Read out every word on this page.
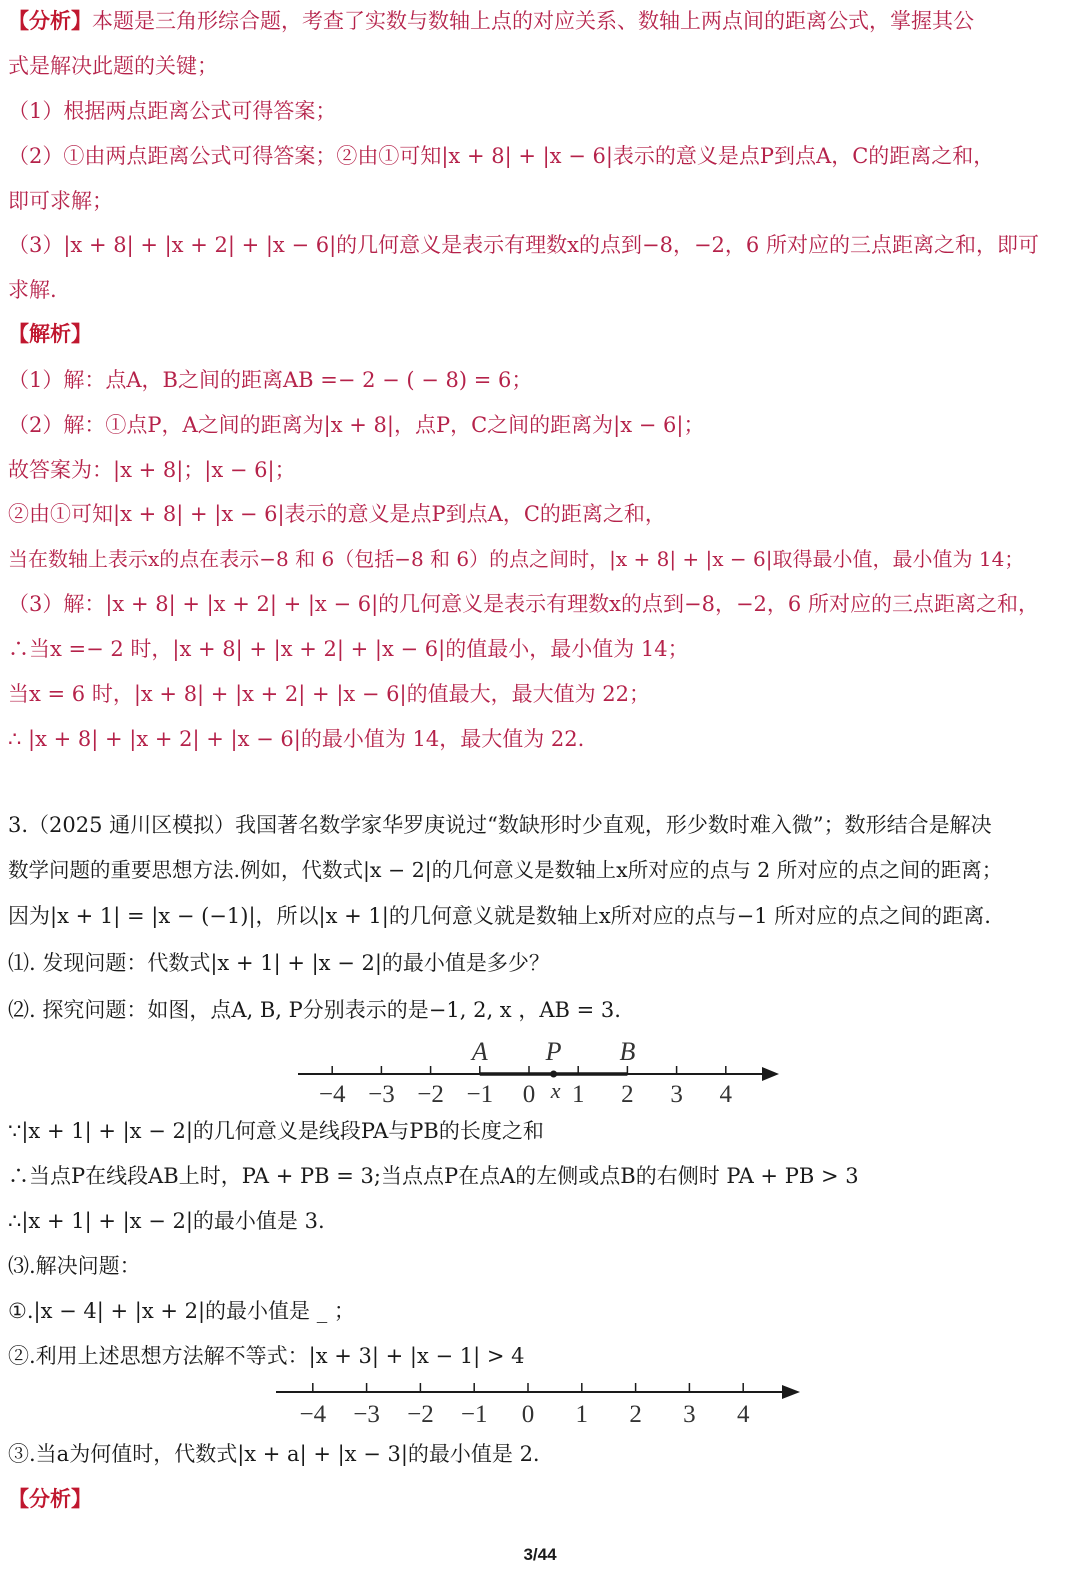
【分析】本题是三角形综合题，考查了实数与数轴上点的对应关系、数轴上两点间的距离公式，掌握其公
式是解决此题的关键；
（1）根据两点距离公式可得答案；
（2）①由两点距离公式可得答案；②由①可知|x + 8| + |x − 6|表示的意义是点P到点A，C的距离之和，
即可求解；
（3）|x + 8| + |x + 2| + |x − 6|的几何意义是表示有理数x的点到−8，−2，6 所对应的三点距离之和，即可
求解.
【解析】
（1）解：点A，B之间的距离AB =− 2 − ( − 8) = 6；
（2）解：①点P，A之间的距离为|x + 8|，点P，C之间的距离为|x − 6|；
故答案为：|x + 8|；|x − 6|；
②由①可知|x + 8| + |x − 6|表示的意义是点P到点A，C的距离之和，
当在数轴上表示x的点在表示−8 和 6（包括−8 和 6）的点之间时，|x + 8| + |x − 6|取得最小值，最小值为 14；
（3）解：|x + 8| + |x + 2| + |x − 6|的几何意义是表示有理数x的点到−8，−2，6 所对应的三点距离之和，
∴当x =− 2 时，|x + 8| + |x + 2| + |x − 6|的值最小，最小值为 14；
当x = 6 时，|x + 8| + |x + 2| + |x − 6|的值最大，最大值为 22；
∴ |x + 8| + |x + 2| + |x − 6|的最小值为 14，最大值为 22.
3.（2025 通川区模拟）我国著名数学家华罗庚说过“数缺形时少直观，形少数时难入微”；数形结合是解决
数学问题的重要思想方法.例如，代数式|x − 2|的几何意义是数轴上x所对应的点与 2 所对应的点之间的距离；
因为|x + 1| = |x − (−1)|，所以|x + 1|的几何意义就是数轴上x所对应的点与−1 所对应的点之间的距离.
⑴. 发现问题：代数式|x + 1| + |x − 2|的最小值是多少？
⑵. 探究问题：如图，点A, B, P分别表示的是−1, 2, x ，AB = 3.
−4 −3 −2 −1 0 1 2 3 4
A P B
x
∵|x + 1| + |x − 2|的几何意义是线段PA与PB的长度之和
∴当点P在线段AB上时，PA + PB = 3;当点点P在点A的左侧或点B的右侧时 PA + PB > 3
∴|x + 1| + |x − 2|的最小值是 3.
⑶.解决问题：
①.|x − 4| + |x + 2|的最小值是 _ ；
②.利用上述思想方法解不等式：|x + 3| + |x − 1| > 4
−4 −3 −2 −1 0 1 2 3 4
③.当a为何值时，代数式|x + a| + |x − 3|的最小值是 2.
【分析】
3/44
